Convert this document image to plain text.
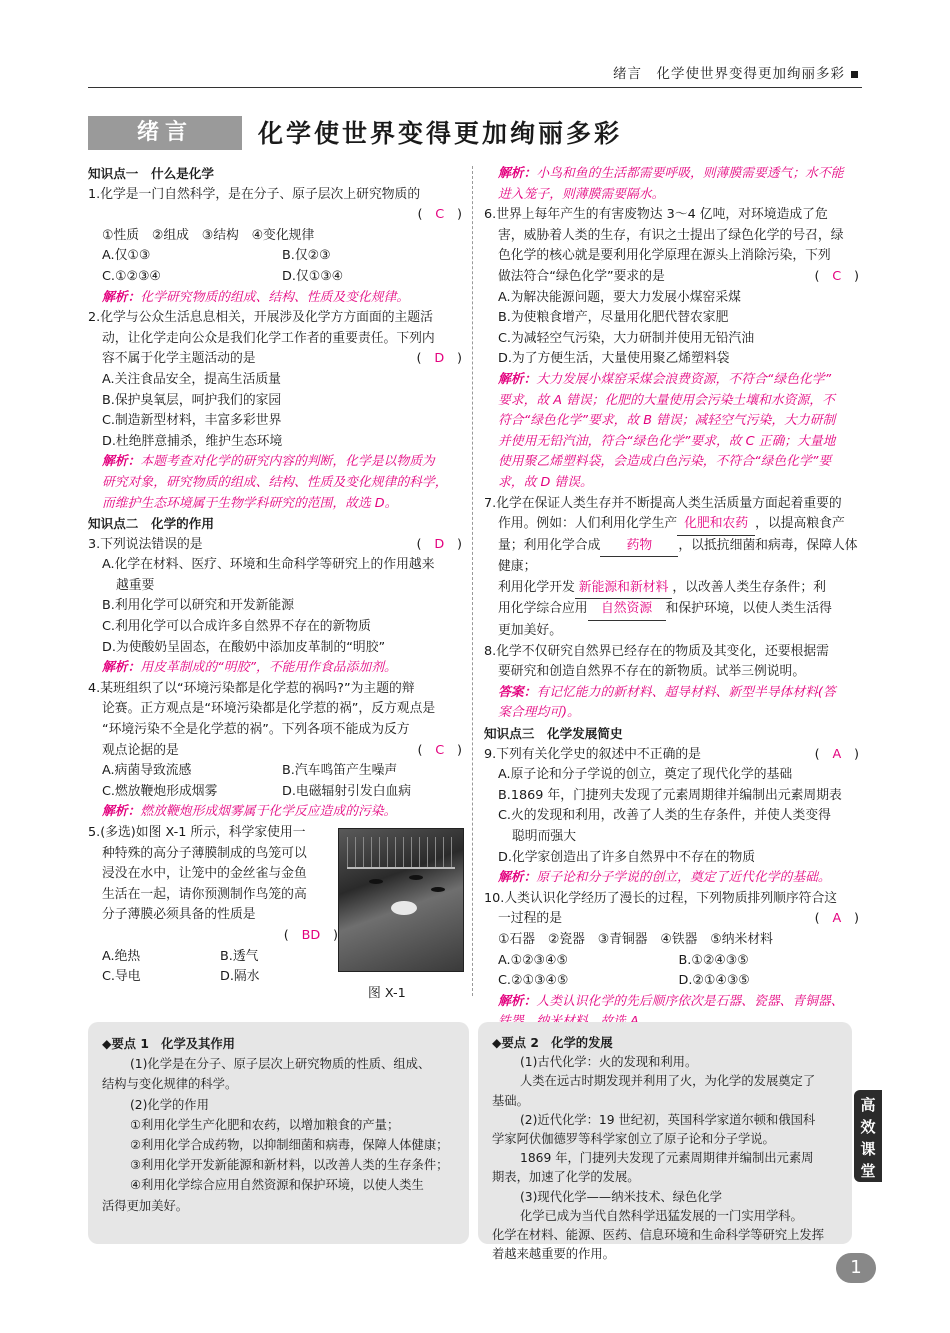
绪言　化学使世界变得更加绚丽多彩
绪言	化学使世界变得更加绚丽多彩
知识点一　什么是化学
1.化学是一门自然科学，是在分子、原子层次上研究物质的
(　C　)
①性质　②组成　③结构　④变化规律
A.仅①③	B.仅②③
C.①②③④	D.仅①③④
解析：化学研究物质的组成、结构、性质及变化规律。
2.化学与公众生活息息相关，开展涉及化学方方面面的主题活
动，让化学走向公众是我们化学工作者的重要责任。下列内
容不属于化学主题活动的是	(　D　)
A.关注食品安全，提高生活质量
B.保护臭氧层，呵护我们的家园
C.制造新型材料，丰富多彩世界
D.杜绝胖意捕杀，维护生态环境
解析：本题考查对化学的研究内容的判断，化学是以物质为
研究对象，研究物质的组成、结构、性质及变化规律的科学，
而维护生态环境属于生物学科研究的范围，故选 D。
知识点二　化学的作用
3.下列说法错误的是	(　D　)
A.化学在材料、医疗、环境和生命科学等研究上的作用越来
越重要
B.利用化学可以研究和开发新能源
C.利用化学可以合成许多自然界不存在的新物质
D.为使酸奶呈固态，在酸奶中添加皮革制的“明胶”
解析：用皮革制成的“明胶”，不能用作食品添加剂。
4.某班组织了以“环境污染都是化学惹的祸吗?”为主题的辩
论赛。正方观点是“环境污染都是化学惹的祸”，反方观点是
“环境污染不全是化学惹的祸”。下列各项不能成为反方
观点论据的是	(　C　)
A.病菌导致流感	B.汽车鸣笛产生噪声
C.燃放鞭炮形成烟雾	D.电磁辐射引发白血病
解析：燃放鞭炮形成烟雾属于化学反应造成的污染。
5.(多选)如图 X-1 所示，科学家使用一
种特殊的高分子薄膜制成的鸟笼可以
浸没在水中，让笼中的金丝雀与金鱼
生活在一起，请你预测制作鸟笼的高
分子薄膜必须具备的性质是
(　BD　)
A.绝热	B.透气
C.导电	D.隔水
图 X-1
解析：小鸟和鱼的生活都需要呼吸，则薄膜需要透气；水不能
进入笼子，则薄膜需要隔水。
6.世界上每年产生的有害废物达 3～4 亿吨，对环境造成了危
害，威胁着人类的生存，有识之士提出了绿色化学的号召，绿
色化学的核心就是要利用化学原理在源头上消除污染，下列
做法符合“绿色化学”要求的是	(　C　)
A.为解决能源问题，要大力发展小煤窑采煤
B.为使粮食增产，尽量用化肥代替农家肥
C.为减轻空气污染，大力研制并使用无铅汽油
D.为了方便生活，大量使用聚乙烯塑料袋
解析：大力发展小煤窑采煤会浪费资源，不符合“绿色化学”
要求，故 A 错误；化肥的大量使用会污染土壤和水资源，不
符合“绿色化学”要求，故 B 错误；减轻空气污染，大力研制
并使用无铅汽油，符合“绿色化学”要求，故 C 正确；大量地
使用聚乙烯塑料袋，会造成白色污染，不符合“绿色化学”要
求，故 D 错误。
7.化学在保证人类生存并不断提高人类生活质量方面起着重要的
作用。例如：人们利用化学生产 化肥和农药 ，以提高粮食产
量；利用化学合成 药物 ，以抵抗细菌和病毒，保障人体健康；
利用化学开发 新能源和新材料 ，以改善人类生存条件；利
用化学综合应用 自然资源 和保护环境，以使人类生活得
更加美好。
8.化学不仅研究自然界已经存在的物质及其变化，还要根据需
要研究和创造自然界不存在的新物质。试举三例说明。
答案：有记忆能力的新材料、超导材料、新型半导体材料(答
案合理均可)。
知识点三　化学发展简史
9.下列有关化学史的叙述中不正确的是	(　A　)
A.原子论和分子学说的创立，奠定了现代化学的基础
B.1869 年，门捷列夫发现了元素周期律并编制出元素周期表
C.火的发现和利用，改善了人类的生存条件，并使人类变得
聪明而强大
D.化学家创造出了许多自然界中不存在的物质
解析：原子论和分子学说的创立，奠定了近代化学的基础。
10.人类认识化学经历了漫长的过程，下列物质排列顺序符合这
一过程的是	(　A　)
①石器　②瓷器　③青铜器　④铁器　⑤纳米材料
A.①②③④⑤	B.①②④③⑤
C.②①③④⑤	D.②①④③⑤
解析：人类认识化学的先后顺序依次是石器、瓷器、青铜器、
◆要点 1　化学及其作用
(1)化学是在分子、原子层次上研究物质的性质、组成、
结构与变化规律的科学。
(2)化学的作用
①利用化学生产化肥和农药，以增加粮食的产量；
②利用化学合成药物，以抑制细菌和病毒，保障人体健康；
③利用化学开发新能源和新材料，以改善人类的生存条件；
④利用化学综合应用自然资源和保护环境，以使人类生
活得更加美好。
◆要点 2　化学的发展
(1)古代化学：火的发现和利用。
人类在远古时期发现并利用了火，为化学的发展奠定了
基础。
(2)近代化学：19 世纪初，英国科学家道尔顿和俄国科
学家阿伏伽德罗等科学家创立了原子论和分子学说。
1869 年，门捷列夫发现了元素周期律并编制出元素周
期表，加速了化学的发展。
(3)现代化学——纳米技术、绿色化学
化学已成为当代自然科学迅猛发展的一门实用学科。
化学在材料、能源、医药、信息环境和生命科学等研究上发挥
着越来越重要的作用。
高
效
课
堂
1
